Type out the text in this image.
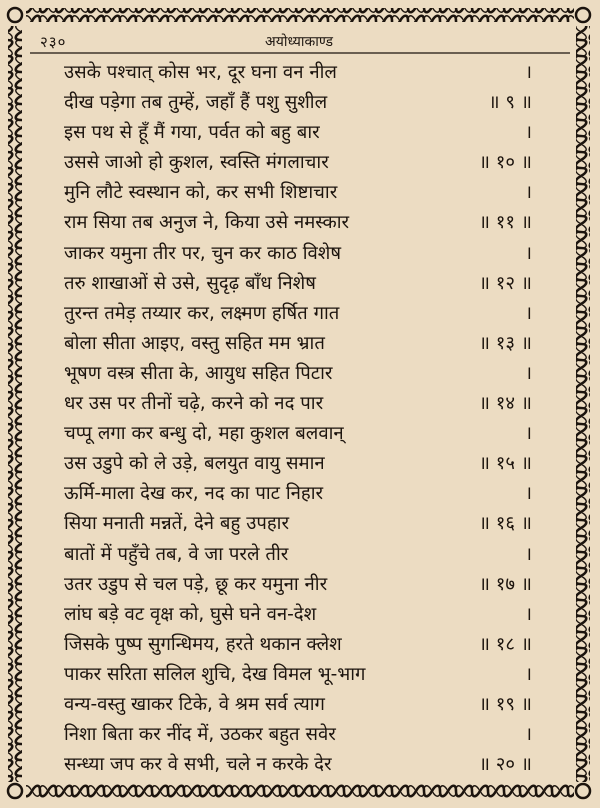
२३०	अयोध्याकाण्ड
उसके पश्चात् कोस भर, दूर घना वन नील	।
दीख पड़ेगा तब तुम्हें, जहाँ हैं पशु सुशील	॥ ९ ॥
इस पथ से हूँ मैं गया, पर्वत को बहु बार	।
उससे जाओ हो कुशल, स्वस्ति मंगलाचार	॥ १० ॥
मुनि लौटे स्वस्थान को, कर सभी शिष्टाचार	।
राम सिया तब अनुज ने, किया उसे नमस्कार	॥ ११ ॥
जाकर यमुना तीर पर, चुन कर काठ विशेष	।
तरु शाखाओं से उसे, सुदृढ़ बाँध निशेष	॥ १२ ॥
तुरन्त तमेड़ तय्यार कर, लक्ष्मण हर्षित गात	।
बोला सीता आइए, वस्तु सहित मम भ्रात	॥ १३ ॥
भूषण वस्त्र सीता के, आयुध सहित पिटार	।
धर उस पर तीनों चढ़े, करने को नद पार	॥ १४ ॥
चप्पू लगा कर बन्धु दो, महा कुशल बलवान्	।
उस उडुपे को ले उड़े, बलयुत वायु समान	॥ १५ ॥
ऊर्मि-माला देख कर, नद का पाट निहार	।
सिया मनाती मन्नतें, देने बहु उपहार	॥ १६ ॥
बातों में पहुँचे तब, वे जा परले तीर	।
उतर उडुप से चल पड़े, छू कर यमुना नीर	॥ १७ ॥
लांघ बड़े वट वृक्ष को, घुसे घने वन-देश	।
जिसके पुष्प सुगन्धिमय, हरते थकान क्लेश	॥ १८ ॥
पाकर सरिता सलिल शुचि, देख विमल भू-भाग	।
वन्य-वस्तु खाकर टिके, वे श्रम सर्व त्याग	॥ १९ ॥
निशा बिता कर नींद में, उठकर बहुत सवेर	।
सन्ध्या जप कर वे सभी, चले न करके देर	॥ २० ॥
